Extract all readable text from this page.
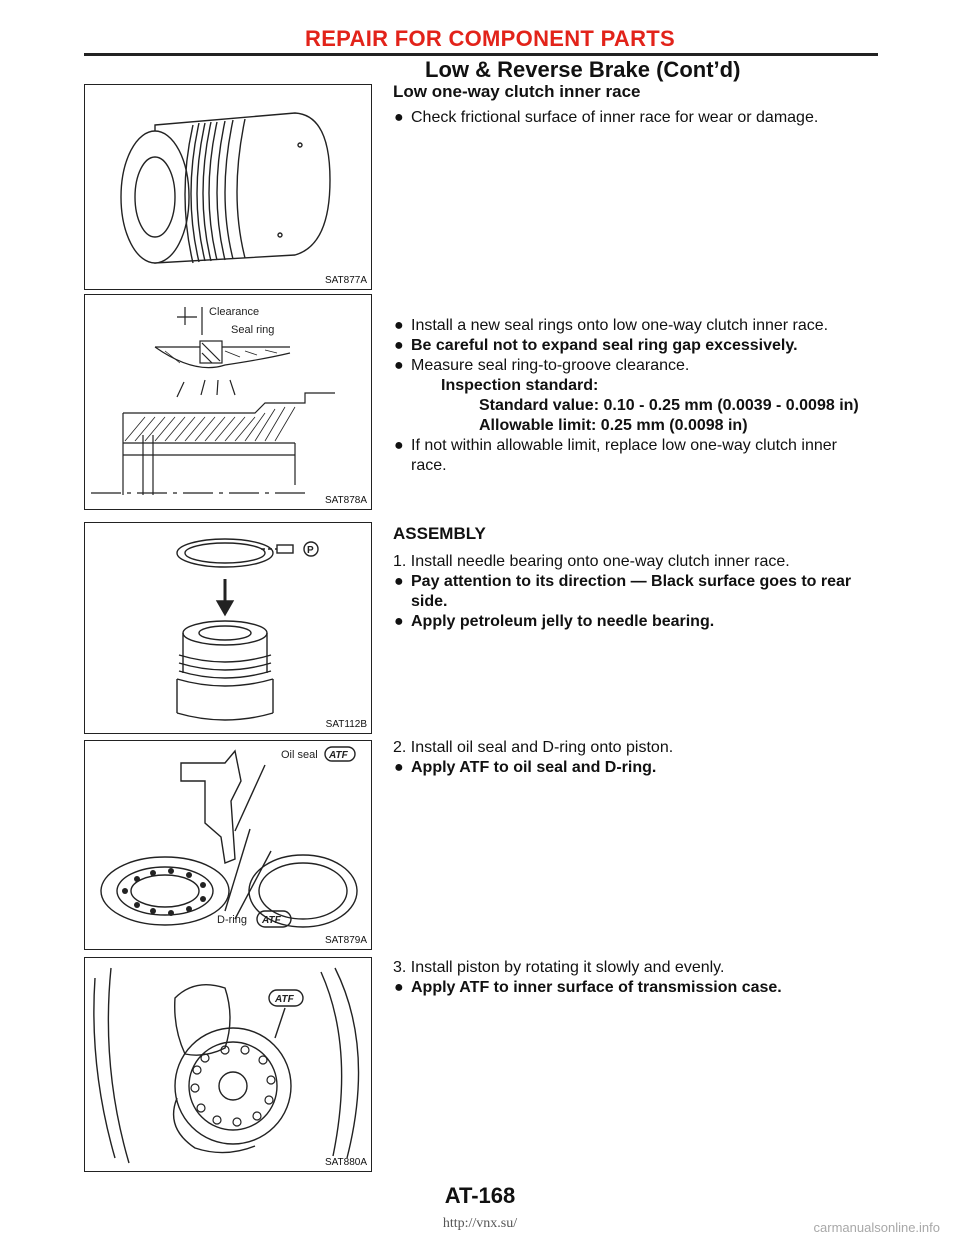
REPAIR FOR COMPONENT PARTS
Low & Reverse Brake (Cont’d)
SAT877A
Clearance
Seal ring
SAT878A
P
SAT112B
Oil seal ATF
D-ring ATF
SAT879A
ATF
SAT880A
Low one-way clutch inner race
● Check frictional surface of inner race for wear or damage.
● Install a new seal rings onto low one-way clutch inner race.
● Be careful not to expand seal ring gap excessively.
● Measure seal ring-to-groove clearance.
Inspection standard:
Standard value: 0.10 - 0.25 mm (0.0039 - 0.0098 in)
Allowable limit: 0.25 mm (0.0098 in)
● If not within allowable limit, replace low one-way clutch inner
race.
ASSEMBLY
1. Install needle bearing onto one-way clutch inner race.
● Pay attention to its direction — Black surface goes to rear
side.
● Apply petroleum jelly to needle bearing.
2. Install oil seal and D-ring onto piston.
● Apply ATF to oil seal and D-ring.
3. Install piston by rotating it slowly and evenly.
● Apply ATF to inner surface of transmission case.
AT-168
http://vnx.su/	carmanualsonline.info
